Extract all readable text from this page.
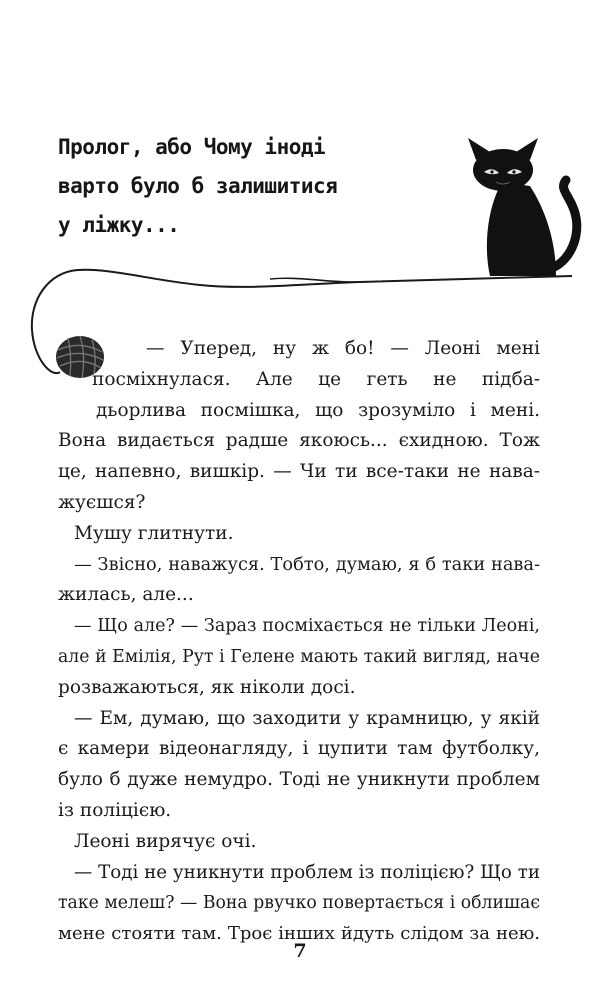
Пролог, або Чому іноді
варто було б залишитися
у ліжку...
— Уперед, ну ж бо! — Леоні мені
посміхнулася. Але це геть не підба-
дьорлива посмішка, що зрозуміло і мені.
Вона видається радше якоюсь... єхидною. Тож
це, напевно, вишкір. — Чи ти все-таки не нава-
жуєшся?
Мушу глитнути.
— Звісно, наважуся. Тобто, думаю, я б таки нава-
жилась, але...
— Що але? — Зараз посміхається не тільки Леоні,
але й Емілія, Рут і Гелене мають такий вигляд, наче
розважаються, як ніколи досі.
— Ем, думаю, що заходити у крамницю, у якій
є камери відеонагляду, і цупити там футболку,
було б дуже немудро. Тоді не уникнути проблем
із поліцією.
Леоні вирячує очі.
— Тоді не уникнути проблем із поліцією? Що ти
таке мелеш? — Вона рвучко повертається і облишає
мене стояти там. Троє інших йдуть слідом за нею.
7
